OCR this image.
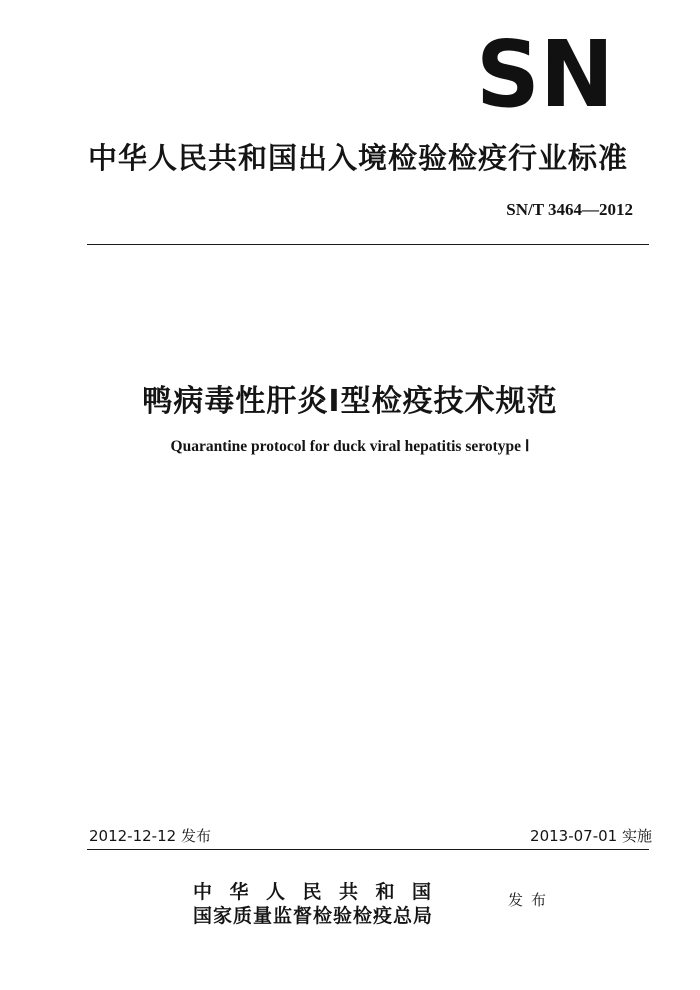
SN
中华人民共和国出入境检验检疫行业标准
SN/T 3464—2012
鸭病毒性肝炎Ⅰ型检疫技术规范
Quarantine protocol for duck viral hepatitis serotype Ⅰ
2012-12-12 发布	2013-07-01 实施
中华人民共和国
国家质量监督检验检疫总局
发布
